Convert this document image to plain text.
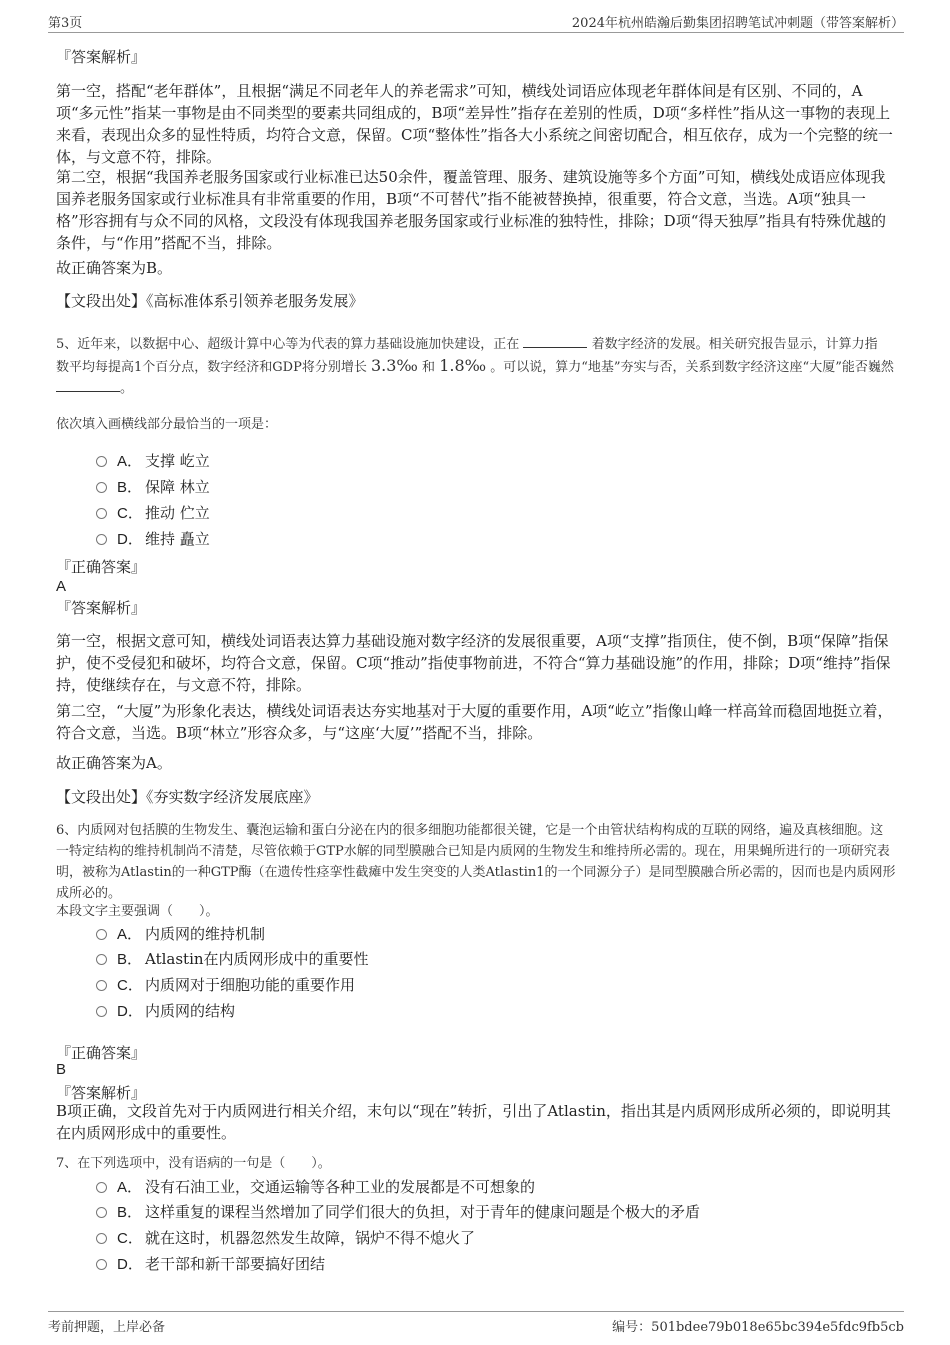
第3页	2024年杭州皓瀚后勤集团招聘笔试冲刺题（带答案解析）
『答案解析』
第一空，搭配“老年群体”，且根据“满足不同老年人的养老需求”可知，横线处词语应体现老年群体间是有区别、不同的，A项“多元性”指某一事物是由不同类型的要素共同组成的，B项“差异性”指存在差别的性质，D项“多样性”指从这一事物的表现上来看，表现出众多的显性特质，均符合文意，保留。C项“整体性”指各大小系统之间密切配合，相互依存，成为一个完整的统一体，与文意不符，排除。
第二空，根据“我国养老服务国家或行业标准已达50余件，覆盖管理、服务、建筑设施等多个方面”可知，横线处成语应体现我国养老服务国家或行业标准具有非常重要的作用，B项“不可替代”指不能被替换掉，很重要，符合文意，当选。A项“独具一格”形容拥有与众不同的风格，文段没有体现我国养老服务国家或行业标准的独特性，排除；D项“得天独厚”指具有特殊优越的条件，与“作用”搭配不当，排除。
故正确答案为B。
【文段出处】《高标准体系引领养老服务发展》
5、近年来，以数据中心、超级计算中心等为代表的算力基础设施加快建设，正在	着数字经济的发展。相关研究报告显示，计算力指
数平均每提高1个百分点，数字经济和GDP将分别增长 3.3‰ 和 1.8‰ 。可以说，算力“地基”夯实与否，关系到数字经济这座“大厦”能否巍然
。
依次填入画横线部分最恰当的一项是：
A． 支撑 屹立
B． 保障 林立
C． 推动 伫立
D． 维持 矗立
『正确答案』
A
『答案解析』
第一空，根据文意可知，横线处词语表达算力基础设施对数字经济的发展很重要，A项“支撑”指顶住，使不倒，B项“保障”指保护，使不受侵犯和破坏，均符合文意，保留。C项“推动”指使事物前进，不符合“算力基础设施”的作用，排除；D项“维持”指保持，使继续存在，与文意不符，排除。
第二空，“大厦”为形象化表达，横线处词语表达夯实地基对于大厦的重要作用，A项“屹立”指像山峰一样高耸而稳固地挺立着，符合文意，当选。B项“林立”形容众多，与“这座‘大厦’”搭配不当，排除。
故正确答案为A。
【文段出处】《夯实数字经济发展底座》
6、内质网对包括膜的生物发生、囊泡运输和蛋白分泌在内的很多细胞功能都很关键，它是一个由管状结构构成的互联的网络，遍及真核细胞。这一特定结构的维持机制尚不清楚，尽管依赖于GTP水解的同型膜融合已知是内质网的生物发生和维持所必需的。现在，用果蝇所进行的一项研究表明，被称为Atlastin的一种GTP酶（在遗传性痉挛性截瘫中发生突变的人类Atlastin1的一个同源分子）是同型膜融合所必需的，因而也是内质网形成所必的。
本段文字主要强调（　　）。
A． 内质网的维持机制
B． Atlastin在内质网形成中的重要性
C． 内质网对于细胞功能的重要作用
D． 内质网的结构
『正确答案』
B
『答案解析』
B项正确，文段首先对于内质网进行相关介绍，末句以“现在”转折，引出了Atlastin，指出其是内质网形成所必须的，即说明其在内质网形成中的重要性。
7、在下列选项中，没有语病的一句是（　　）。
A． 没有石油工业，交通运输等各种工业的发展都是不可想象的
B． 这样重复的课程当然增加了同学们很大的负担，对于青年的健康问题是个极大的矛盾
C． 就在这时，机器忽然发生故障，锅炉不得不熄火了
D． 老干部和新干部要搞好团结
考前押题，上岸必备	编号：501bdee79b018e65bc394e5fdc9fb5cb
